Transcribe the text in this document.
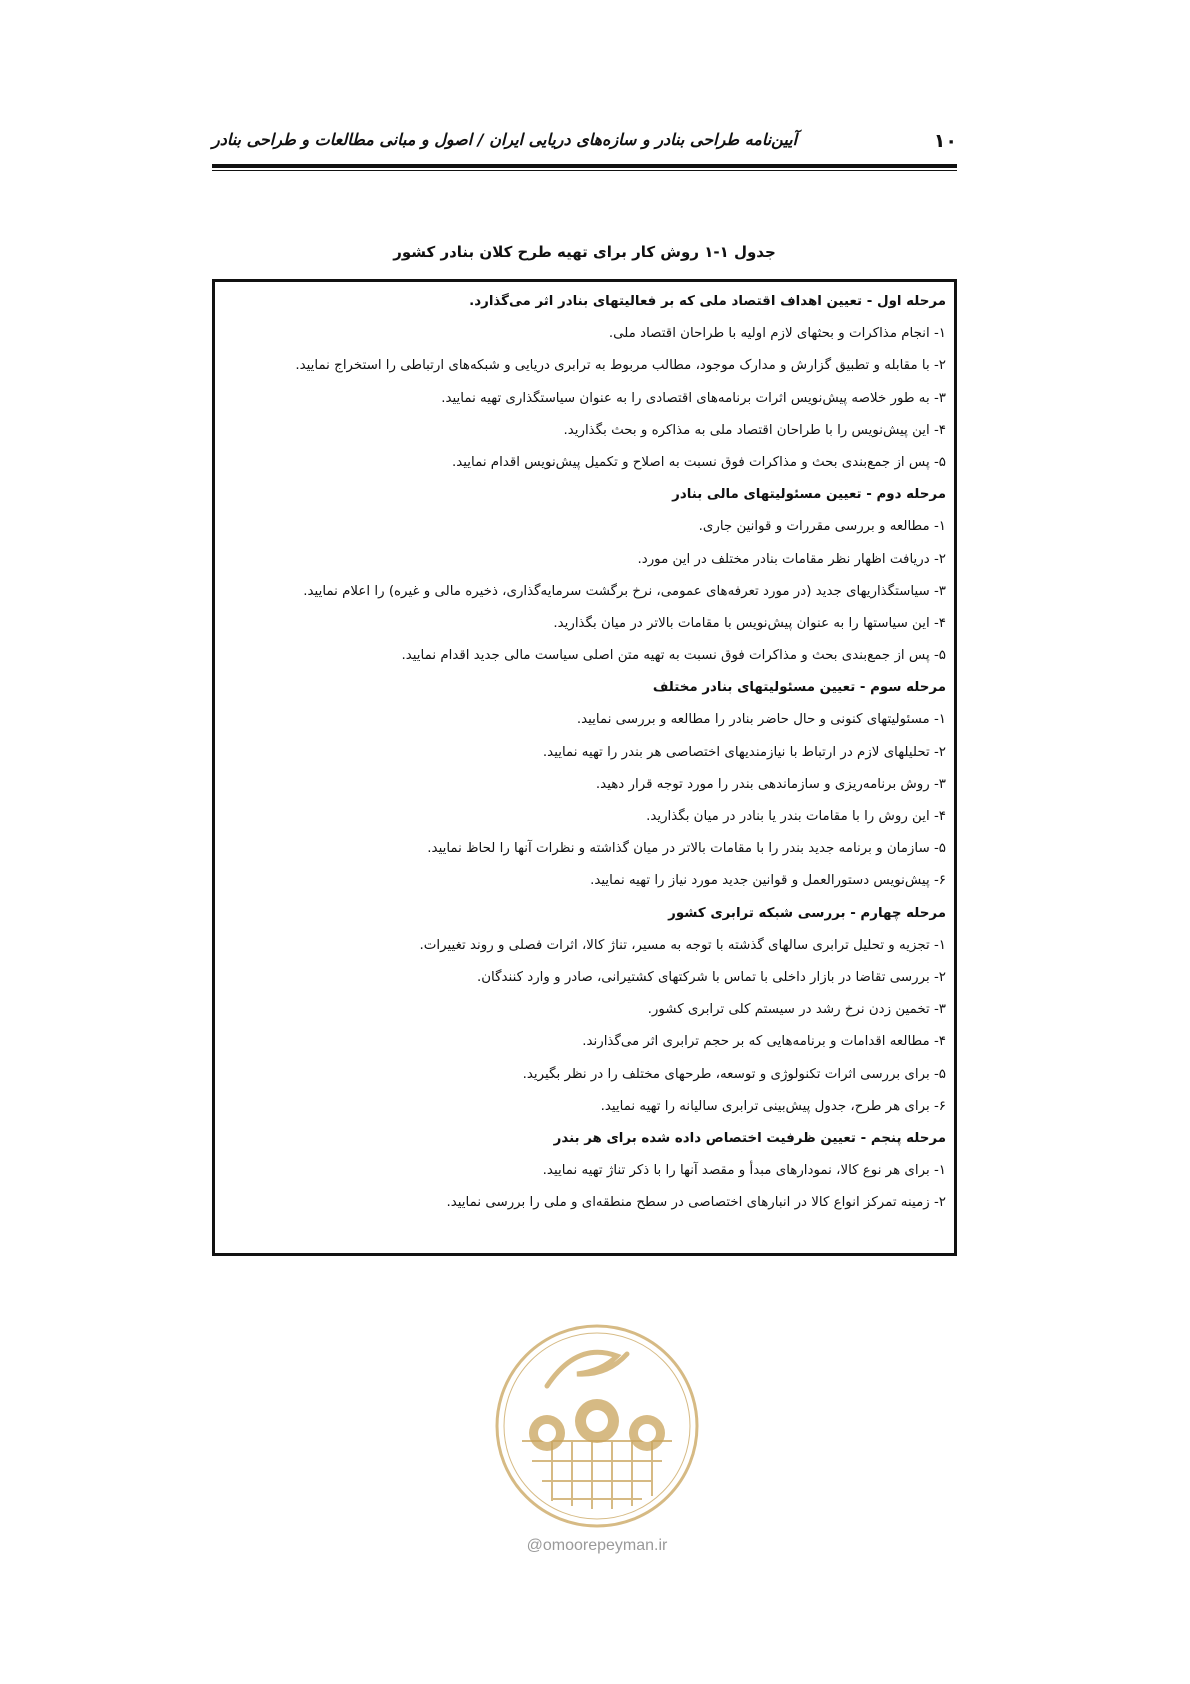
۱۰
آیین‌نامه طراحی بنادر و سازه‌های دریایی ایران / اصول و مبانی مطالعات و طراحی بنادر
جدول ۱-۱ روش کار برای تهیه طرح کلان بنادر کشور
مرحله اول - تعیین اهداف اقتصاد ملی که بر فعالیتهای بنادر اثر می‌گذارد.
۱- انجام مذاکرات و بحثهای لازم اولیه با طراحان اقتصاد ملی.
۲- با مقابله و تطبیق گزارش و مدارک موجود، مطالب مربوط به ترابری دریایی و شبکه‌های ارتباطی را استخراج نمایید.
۳- به طور خلاصه پیش‌نویس اثرات برنامه‌های اقتصادی را به عنوان سیاستگذاری تهیه نمایید.
۴- این پیش‌نویس را با طراحان اقتصاد ملی به مذاکره و بحث بگذارید.
۵- پس از جمع‌بندی بحث و مذاکرات فوق نسبت به اصلاح و تکمیل پیش‌نویس اقدام نمایید.
مرحله دوم - تعیین مسئولیتهای مالی بنادر
۱- مطالعه و بررسی مقررات و قوانین جاری.
۲- دریافت اظهار نظر مقامات بنادر مختلف در این مورد.
۳- سیاستگذاریهای جدید (در مورد تعرفه‌های عمومی، نرخ برگشت سرمایه‌گذاری، ذخیره مالی و غیره) را اعلام نمایید.
۴- این سیاستها را به عنوان پیش‌نویس با مقامات بالاتر در میان بگذارید.
۵- پس از جمع‌بندی بحث و مذاکرات فوق نسبت به تهیه متن اصلی سیاست مالی جدید اقدام نمایید.
مرحله سوم - تعیین مسئولیتهای بنادر مختلف
۱- مسئولیتهای کنونی و حال حاضر بنادر را مطالعه و بررسی نمایید.
۲- تحلیلهای لازم در ارتباط با نیازمندیهای اختصاصی هر بندر را تهیه نمایید.
۳- روش برنامه‌ریزی و سازماندهی بندر را مورد توجه قرار دهید.
۴- این روش را با مقامات بندر یا بنادر در میان بگذارید.
۵- سازمان و برنامه جدید بندر را با مقامات بالاتر در میان گذاشته و نظرات آنها را لحاظ نمایید.
۶- پیش‌نویس دستورالعمل و قوانین جدید مورد نیاز را تهیه نمایید.
مرحله چهارم - بررسی شبکه ترابری کشور
۱- تجزیه و تحلیل ترابری سالهای گذشته با توجه به مسیر، تناژ کالا، اثرات فصلی و روند تغییرات.
۲- بررسی تقاضا در بازار داخلی با تماس با شرکتهای کشتیرانی، صادر و وارد کنندگان.
۳- تخمین زدن نرخ رشد در سیستم کلی ترابری کشور.
۴- مطالعه اقدامات و برنامه‌هایی که بر حجم ترابری اثر می‌گذارند.
۵- برای بررسی اثرات تکنولوژی و توسعه، طرحهای مختلف را در نظر بگیرید.
۶- برای هر طرح، جدول پیش‌بینی ترابری سالیانه را تهیه نمایید.
مرحله پنجم - تعیین ظرفیت اختصاص داده شده برای هر بندر
۱- برای هر نوع کالا، نمودارهای مبدأ و مقصد آنها را با ذکر تناژ تهیه نمایید.
۲- زمینه تمرکز انواع کالا در انبارهای اختصاصی در سطح منطقه‌ای و ملی را بررسی نمایید.
@omoorepeyman.ir
